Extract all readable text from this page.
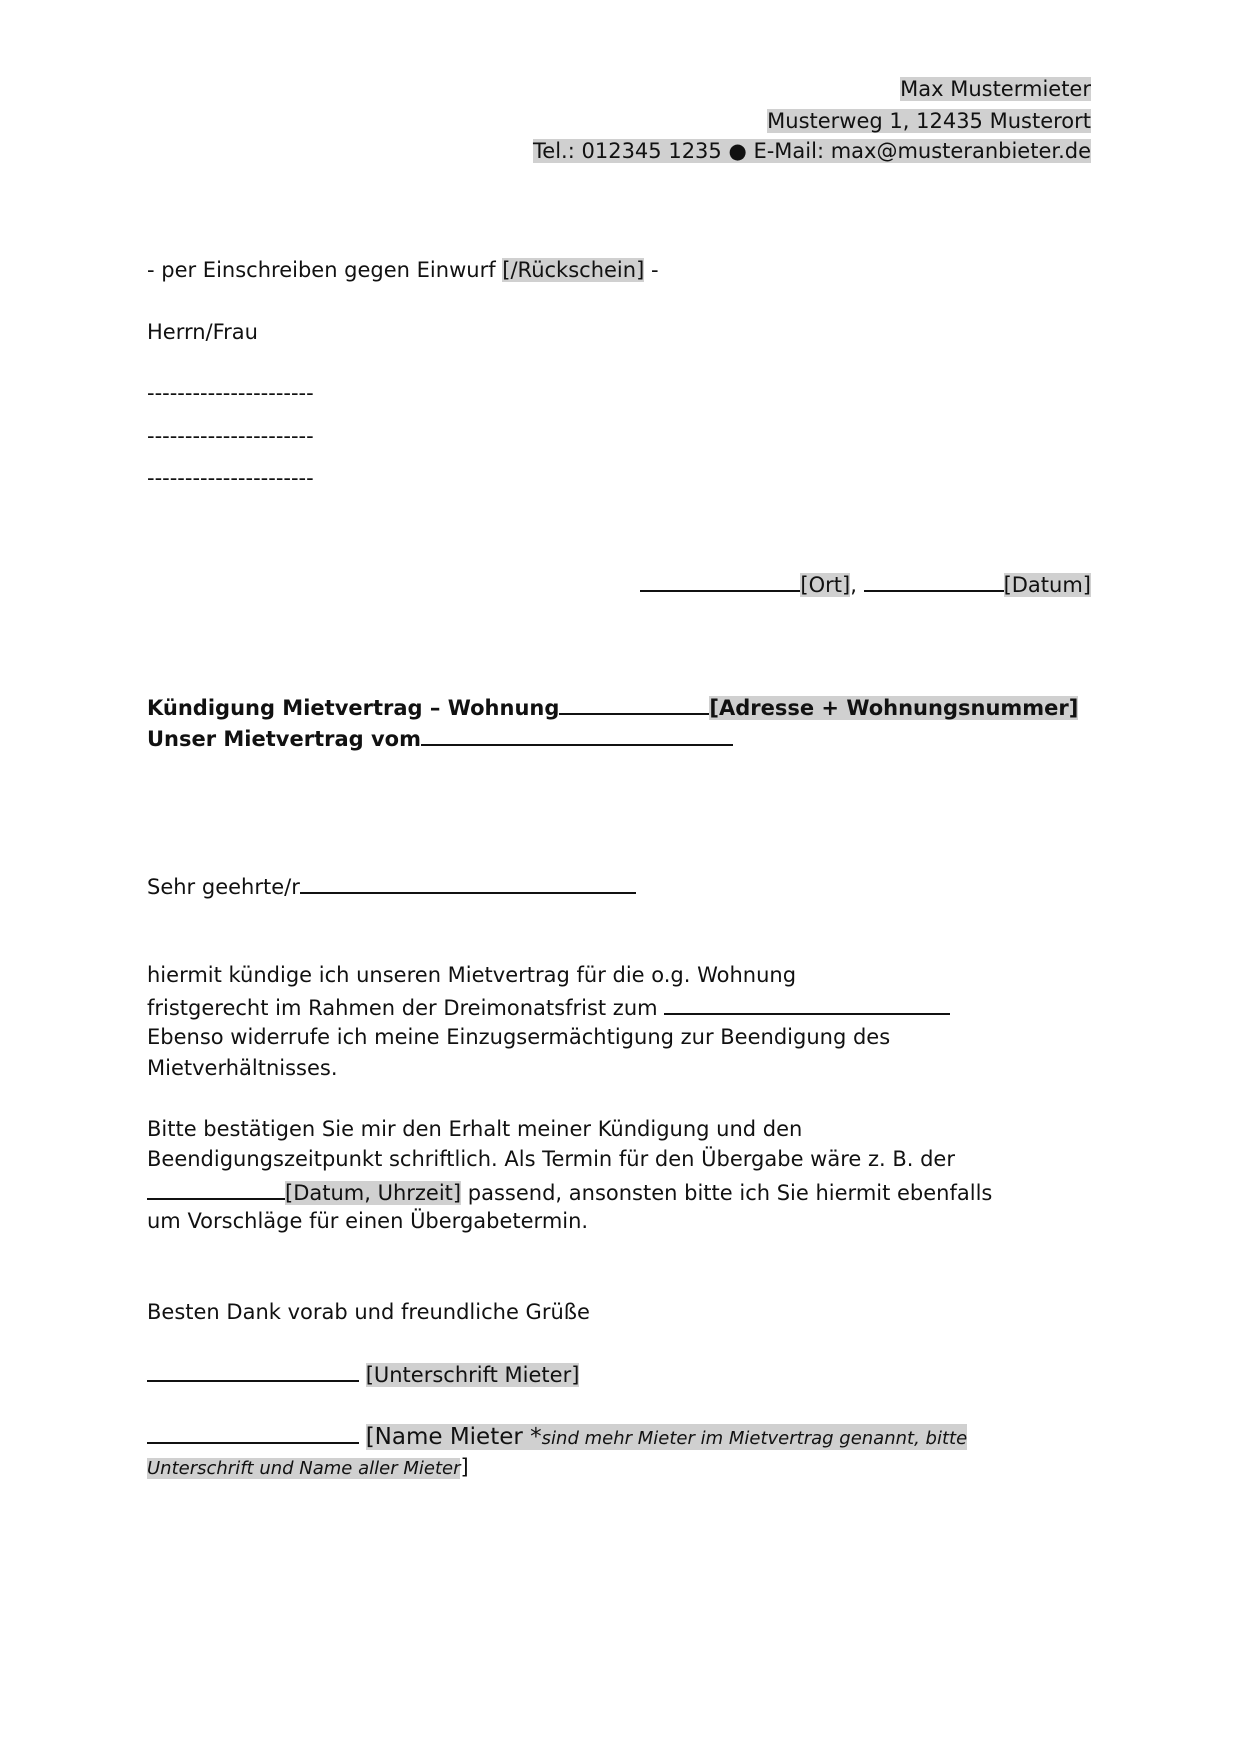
Max Mustermieter
Musterweg 1, 12435 Musterort
Tel.: 012345 1235 ● E-Mail: max@musteranbieter.de
- per Einschreiben gegen Einwurf [/Rückschein] -
Herrn/Frau
----------------------
----------------------
----------------------
[Ort],	[Datum]
Kündigung Mietvertrag – Wohnung	[Adresse + Wohnungsnummer]
Unser Mietvertrag vom
Sehr geehrte/r
hiermit kündige ich unseren Mietvertrag für die o.g. Wohnung
fristgerecht im Rahmen der Dreimonatsfrist zum
Ebenso widerrufe ich meine Einzugsermächtigung zur Beendigung des
Mietverhältnisses.
Bitte bestätigen Sie mir den Erhalt meiner Kündigung und den
Beendigungszeitpunkt schriftlich. Als Termin für den Übergabe wäre z. B. der
[Datum, Uhrzeit] passend, ansonsten bitte ich Sie hiermit ebenfalls
um Vorschläge für einen Übergabetermin.
Besten Dank vorab und freundliche Grüße
[Unterschrift Mieter]
[Name Mieter *sind mehr Mieter im Mietvertrag genannt, bitte
Unterschrift und Name aller Mieter]
